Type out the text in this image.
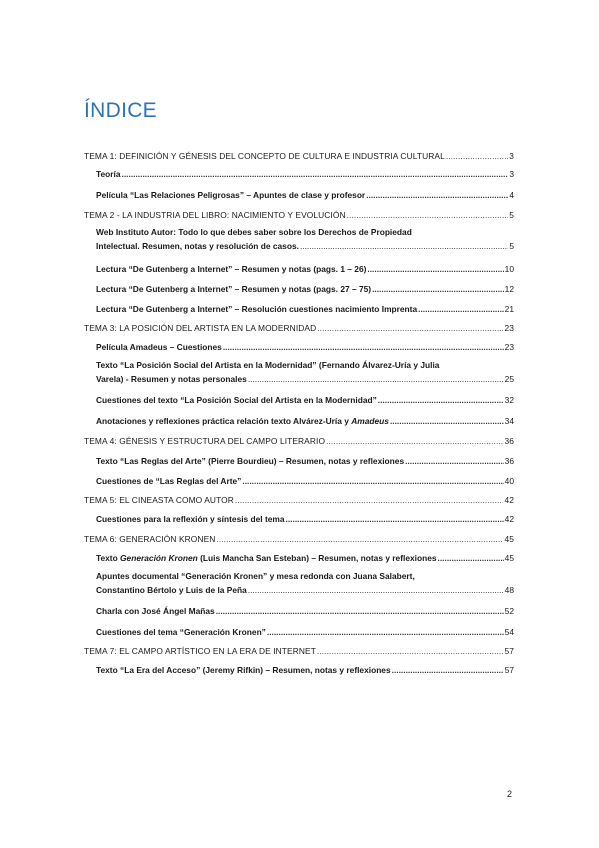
ÍNDICE
TEMA 1: DEFINICIÓN Y GÉNESIS DEL CONCEPTO DE CULTURA E INDUSTRIA CULTURAL .....	3
Teoría .....	3
Película “Las Relaciones Peligrosas” – Apuntes de clase y profesor .....	4
TEMA 2 - LA INDUSTRIA DEL LIBRO: NACIMIENTO Y EVOLUCIÓN .....	5
Web Instituto Autor: Todo lo que debes saber sobre los Derechos de Propiedad
Intelectual. Resumen, notas y resolución de casos. .....	5
Lectura “De Gutenberg a Internet” – Resumen y notas (pags. 1 – 26) .....	10
Lectura “De Gutenberg a Internet” – Resumen y notas (pags. 27 – 75) .....	12
Lectura “De Gutenberg a Internet” – Resolución cuestiones nacimiento Imprenta .....	21
TEMA 3: LA POSICIÓN DEL ARTISTA EN LA MODERNIDAD .....	23
Película Amadeus – Cuestiones .....	23
Texto “La Posición Social del Artista en la Modernidad” (Fernando Álvarez-Uría y Julia
Varela) - Resumen y notas personales .....	25
Cuestiones del texto “La Posición Social del Artista en la Modernidad” .....	32
Anotaciones y reflexiones práctica relación texto Alvárez-Uría y Amadeus .....	34
TEMA 4: GÉNESIS Y ESTRUCTURA DEL CAMPO LITERARIO .....	36
Texto “Las Reglas del Arte” (Pierre Bourdieu) – Resumen, notas y reflexiones .....	36
Cuestiones de “Las Reglas del Arte” .....	40
TEMA 5: EL CINEASTA COMO AUTOR .....	42
Cuestiones para la reflexión y síntesis del tema .....	42
TEMA 6: GENERACIÓN KRONEN .....	45
Texto Generación Kronen (Luis Mancha San Esteban) – Resumen, notas y reflexiones .....	45
Apuntes documental “Generación Kronen” y mesa redonda con Juana Salabert,
Constantino Bértolo y Luis de la Peña .....	48
Charla con José Ángel Mañas .....	52
Cuestiones del tema “Generación Kronen” .....	54
TEMA 7: EL CAMPO ARTÍSTICO EN LA ERA DE INTERNET .....	57
Texto “La Era del Acceso” (Jeremy Rifkin) – Resumen, notas y reflexiones .....	57
2
